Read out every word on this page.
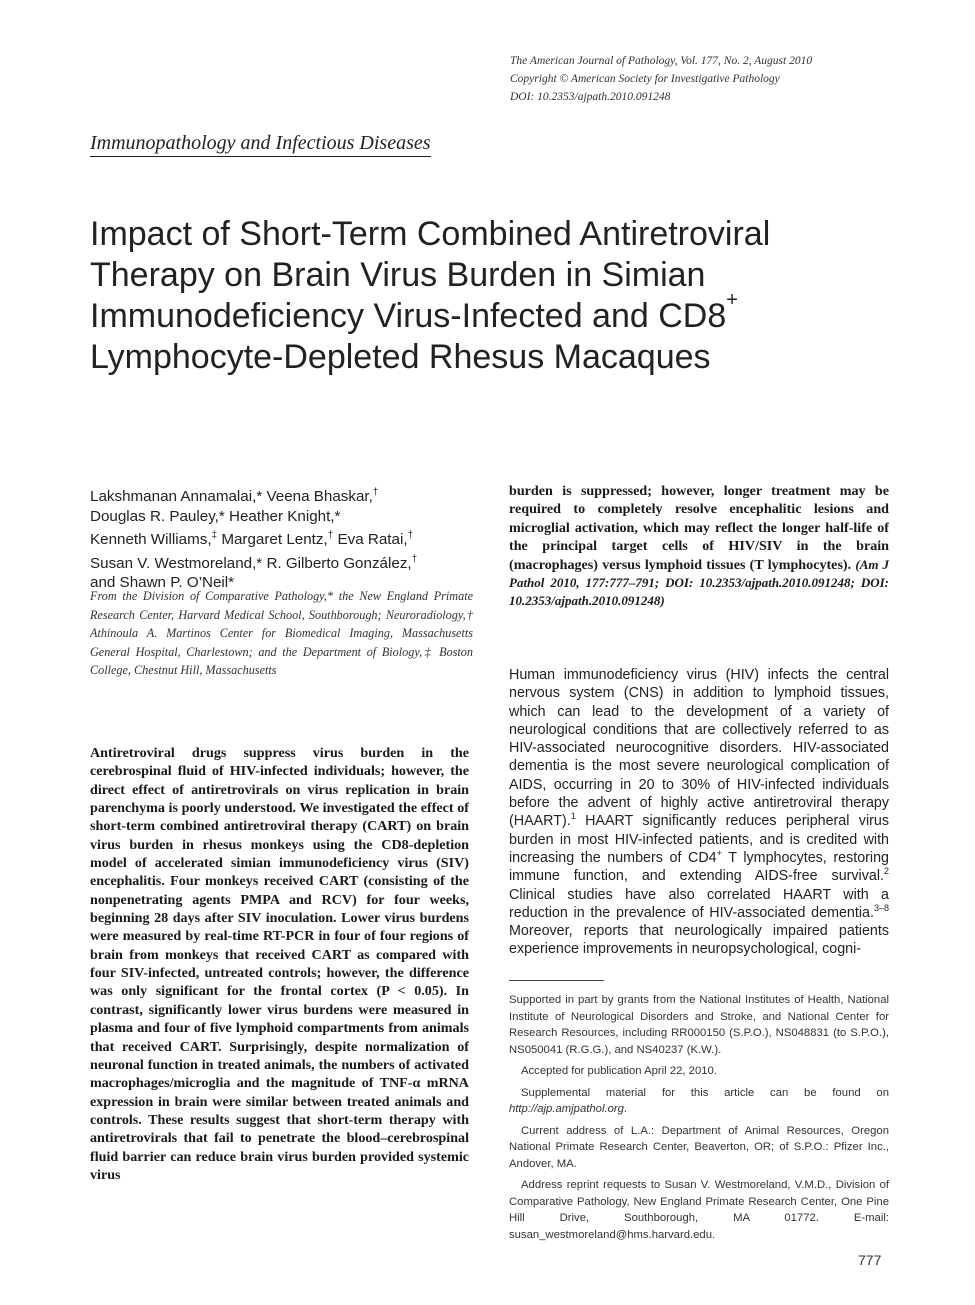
The American Journal of Pathology, Vol. 177, No. 2, August 2010
Copyright © American Society for Investigative Pathology
DOI: 10.2353/ajpath.2010.091248
Immunopathology and Infectious Diseases
Impact of Short-Term Combined Antiretroviral
Therapy on Brain Virus Burden in Simian
Immunodeficiency Virus-Infected and CD8+
Lymphocyte-Depleted Rhesus Macaques
Lakshmanan Annamalai,* Veena Bhaskar,†
Douglas R. Pauley,* Heather Knight,*
Kenneth Williams,‡ Margaret Lentz,† Eva Ratai,†
Susan V. Westmoreland,* R. Gilberto González,†
and Shawn P. O’Neil*
From the Division of Comparative Pathology,* the New England Primate Research Center, Harvard Medical School, Southborough; Neuroradiology,† Athinoula A. Martinos Center for Biomedical Imaging, Massachusetts General Hospital, Charlestown; and the Department of Biology,‡ Boston College, Chestnut Hill, Massachusetts
Antiretroviral drugs suppress virus burden in the cerebrospinal fluid of HIV-infected individuals; however, the direct effect of antiretrovirals on virus replication in brain parenchyma is poorly understood. We investigated the effect of short-term combined antiretroviral therapy (CART) on brain virus burden in rhesus monkeys using the CD8-depletion model of accelerated simian immunodeficiency virus (SIV) encephalitis. Four monkeys received CART (consisting of the nonpenetrating agents PMPA and RCV) for four weeks, beginning 28 days after SIV inoculation. Lower virus burdens were measured by real-time RT-PCR in four of four regions of brain from monkeys that received CART as compared with four SIV-infected, untreated controls; however, the difference was only significant for the frontal cortex (P < 0.05). In contrast, significantly lower virus burdens were measured in plasma and four of five lymphoid compartments from animals that received CART. Surprisingly, despite normalization of neuronal function in treated animals, the numbers of activated macrophages/microglia and the magnitude of TNF-α mRNA expression in brain were similar between treated animals and controls. These results suggest that short-term therapy with antiretrovirals that fail to penetrate the blood–cerebrospinal fluid barrier can reduce brain virus burden provided systemic virus
burden is suppressed; however, longer treatment may be required to completely resolve encephalitic lesions and microglial activation, which may reflect the longer half-life of the principal target cells of HIV/SIV in the brain (macrophages) versus lymphoid tissues (T lymphocytes). (Am J Pathol 2010, 177:777–791; DOI: 10.2353/ajpath.2010.091248; DOI: 10.2353/ajpath.2010.091248)
Human immunodeficiency virus (HIV) infects the central nervous system (CNS) in addition to lymphoid tissues, which can lead to the development of a variety of neurological conditions that are collectively referred to as HIV-associated neurocognitive disorders. HIV-associated dementia is the most severe neurological complication of AIDS, occurring in 20 to 30% of HIV-infected individuals before the advent of highly active antiretroviral therapy (HAART).$^1$ HAART significantly reduces peripheral virus burden in most HIV-infected patients, and is credited with increasing the numbers of CD4+ T lymphocytes, restoring immune function, and extending AIDS-free survival.$^2$ Clinical studies have also correlated HAART with a reduction in the prevalence of HIV-associated dementia.$^{3-8}$ Moreover, reports that neurologically impaired patients experience improvements in neuropsychological, cogni-

Supported in part by grants from the National Institutes of Health, National Institute of Neurological Disorders and Stroke, and National Center for Research Resources, including RR000150 (S.P.O.), NS048831 (to S.P.O.), NS050041 (R.G.G.), and NS40237 (K.W.).

Accepted for publication April 22, 2010.

Supplemental material for this article can be found on http://ajp.amjpathol.org.

Current address of L.A.: Department of Animal Resources, Oregon National Primate Research Center, Beaverton, OR; of S.P.O.: Pfizer Inc., Andover, MA.

Address reprint requests to Susan V. Westmoreland, V.M.D., Division of Comparative Pathology, New England Primate Research Center, One Pine Hill Drive, Southborough, MA 01772. E-mail: susan_westmoreland@hms.harvard.edu.

777
